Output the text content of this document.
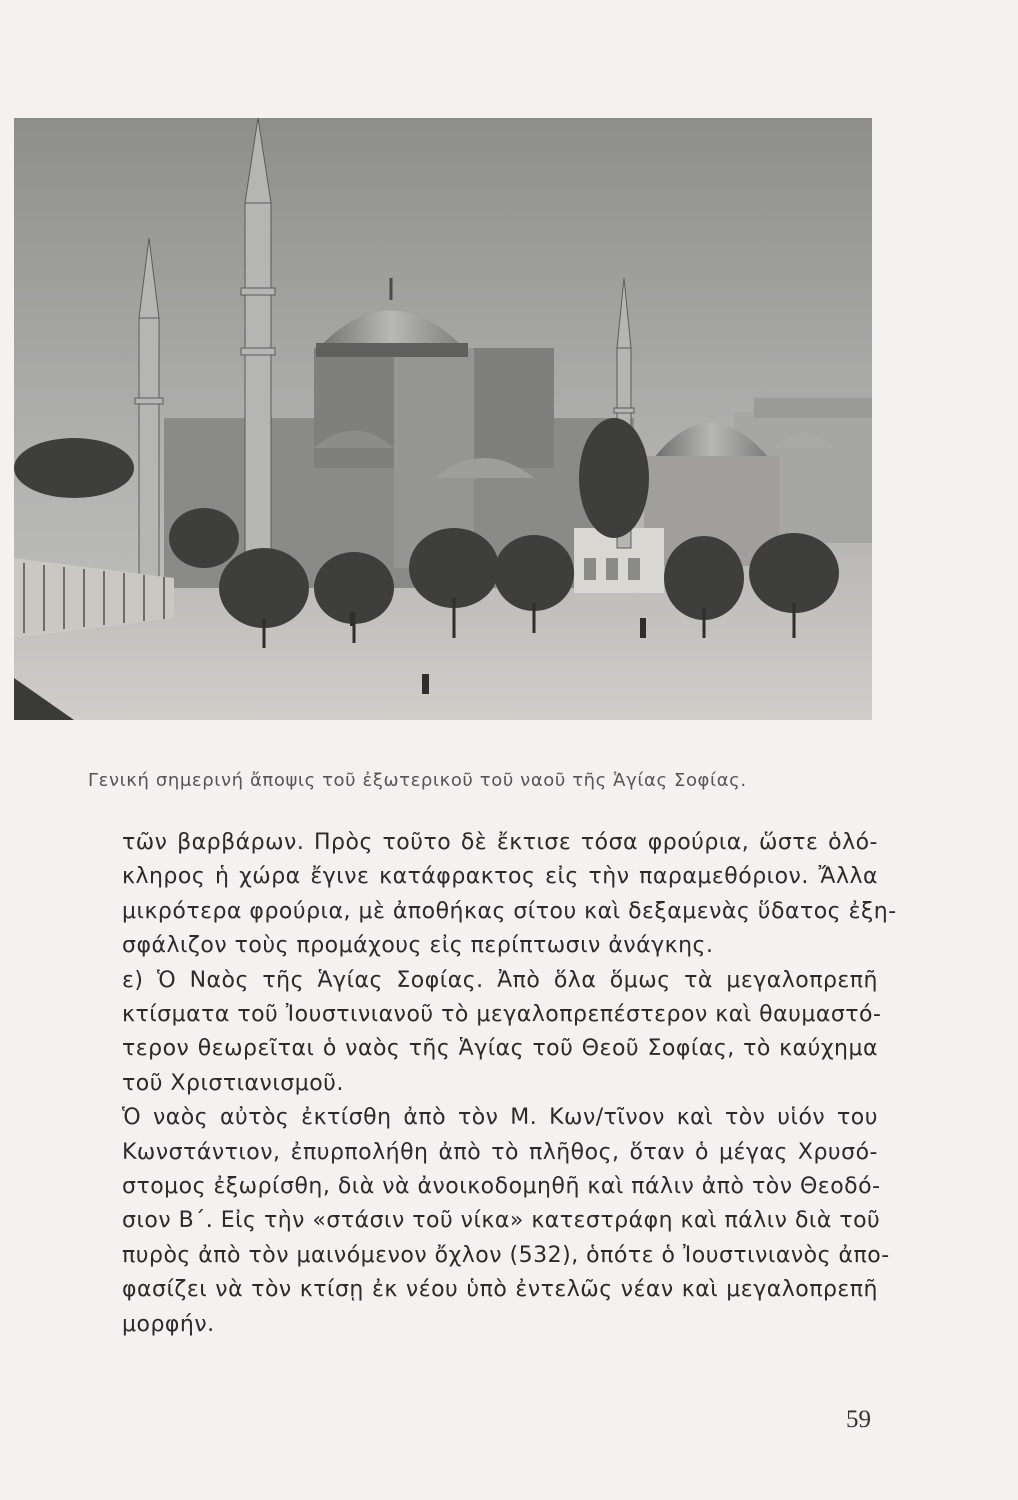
Γενική σημερινή ἄποψις τοῦ ἐξωτερικοῦ τοῦ ναοῦ τῆς Ἁγίας Σοφίας.

τῶν βαρβάρων. Πρὸς τοῦτο δὲ ἔκτισε τόσα φρούρια, ὥστε ὁλό-
κληρος ἡ χώρα ἔγινε κατάφρακτος εἰς τὴν παραμεθόριον. Ἄλλα
μικρότερα φρούρια, μὲ ἀποθήκας σίτου καὶ δεξαμενὰς ὕδατος ἐξη-
σφάλιζον τοὺς προμάχους εἰς περίπτωσιν ἀνάγκης.

ε) Ὁ Ναὸς τῆς Ἁγίας Σοφίας. Ἀπὸ ὅλα ὅμως τὰ μεγαλοπρεπῆ
κτίσματα τοῦ Ἰουστινιανοῦ τὸ μεγαλοπρεπέστερον καὶ θαυμαστό-
τερον θεωρεῖται ὁ ναὸς τῆς Ἁγίας τοῦ Θεοῦ Σοφίας, τὸ καύχημα
τοῦ Χριστιανισμοῦ.

Ὁ ναὸς αὐτὸς ἐκτίσθη ἀπὸ τὸν Μ. Κων/τῖνον καὶ τὸν υἱόν του
Κωνστάντιον, ἐπυρπολήθη ἀπὸ τὸ πλῆθος, ὅταν ὁ μέγας Χρυσό-
στομος ἐξωρίσθη, διὰ νὰ ἀνοικοδομηθῆ καὶ πάλιν ἀπὸ τὸν Θεοδό-
σιον Β΄. Εἰς τὴν «στάσιν τοῦ νίκα» κατεστράφη καὶ πάλιν διὰ τοῦ
πυρὸς ἀπὸ τὸν μαινόμενον ὄχλον (532), ὁπότε ὁ Ἰουστινιανὸς ἀπο-
φασίζει νὰ τὸν κτίσῃ ἐκ νέου ὑπὸ ἐντελῶς νέαν καὶ μεγαλοπρεπῆ
μορφήν.

59
